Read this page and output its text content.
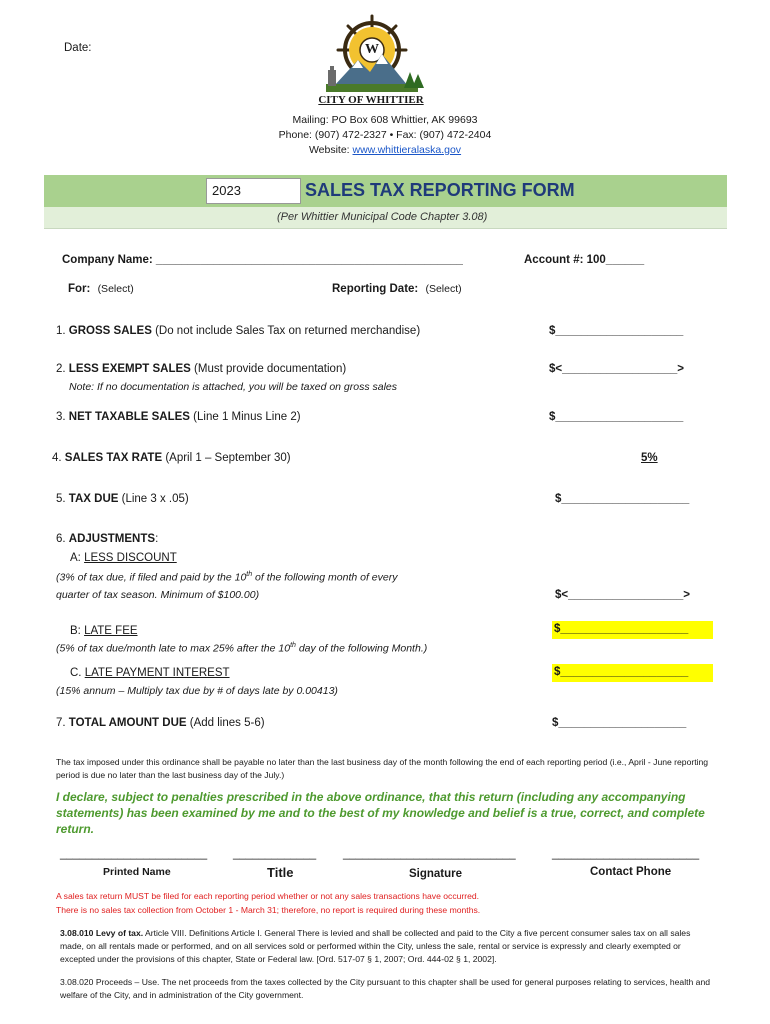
Date:	W
CITY OF WHITTIER
Mailing: PO Box 608 Whittier, AK 99693
Phone: (907) 472-2327 • Fax: (907) 472-2404
Website: www.whittieralaska.gov
2023	SALES TAX REPORTING FORM
(Per Whittier Municipal Code Chapter 3.08)
Company Name: ________________________________________________	Account #: 100______
For: (Select)	Reporting Date: (Select)
1. GROSS SALES (Do not include Sales Tax on returned merchandise)	$____________________
2. LESS EXEMPT SALES (Must provide documentation)
Note: If no documentation is attached, you will be taxed on gross sales
$<__________________>
3. NET TAXABLE SALES (Line 1 Minus Line 2)	$____________________
4. SALES TAX RATE (April 1 – September 30)	5%
5. TAX DUE (Line 3 x .05)	$____________________
6. ADJUSTMENTS:
A: LESS DISCOUNT
(3% of tax due, if filed and paid by the 10th of the following month of every
quarter of tax season. Minimum of $100.00)	$<__________________>
B: LATE FEE
(5% of tax due/month late to max 25% after the 10th day of the following Month.)
$____________________
C. LATE PAYMENT INTEREST
(15% annum – Multiply tax due by # of days late by 0.00413)
$____________________
7. TOTAL AMOUNT DUE (Add lines 5-6)	$____________________
The tax imposed under this ordinance shall be payable no later than the last business day of the month following the end of each reporting period (i.e., April - June reporting period is due no later than the last business day of the July.)
I declare, subject to penalties prescribed in the above ordinance, that this return (including any accompanying statements) has been examined by me and to the best of my knowledge and belief is a true, correct, and complete return.
_______________________ _____________ ___________________________	_______________________
Printed Name	Title	Signature	Contact Phone
A sales tax return MUST be filed for each reporting period whether or not any sales transactions have occurred.
There is no sales tax collection from October 1 - March 31; therefore, no report is required during these months.
3.08.010 Levy of tax. Article VIII. Definitions Article I. General There is levied and shall be collected and paid to the City a five percent consumer sales tax on all sales made, on all rentals made or performed, and on all services sold or performed within the City, unless the sale, rental or service is expressly and clearly exempted or excepted under the provisions of this chapter, State or Federal law. [Ord. 517-07 § 1, 2007; Ord. 444-02 § 1, 2002].
3.08.020 Proceeds – Use. The net proceeds from the taxes collected by the City pursuant to this chapter shall be used for general purposes relating to services, health and welfare of the City, and in administration of the City government.
